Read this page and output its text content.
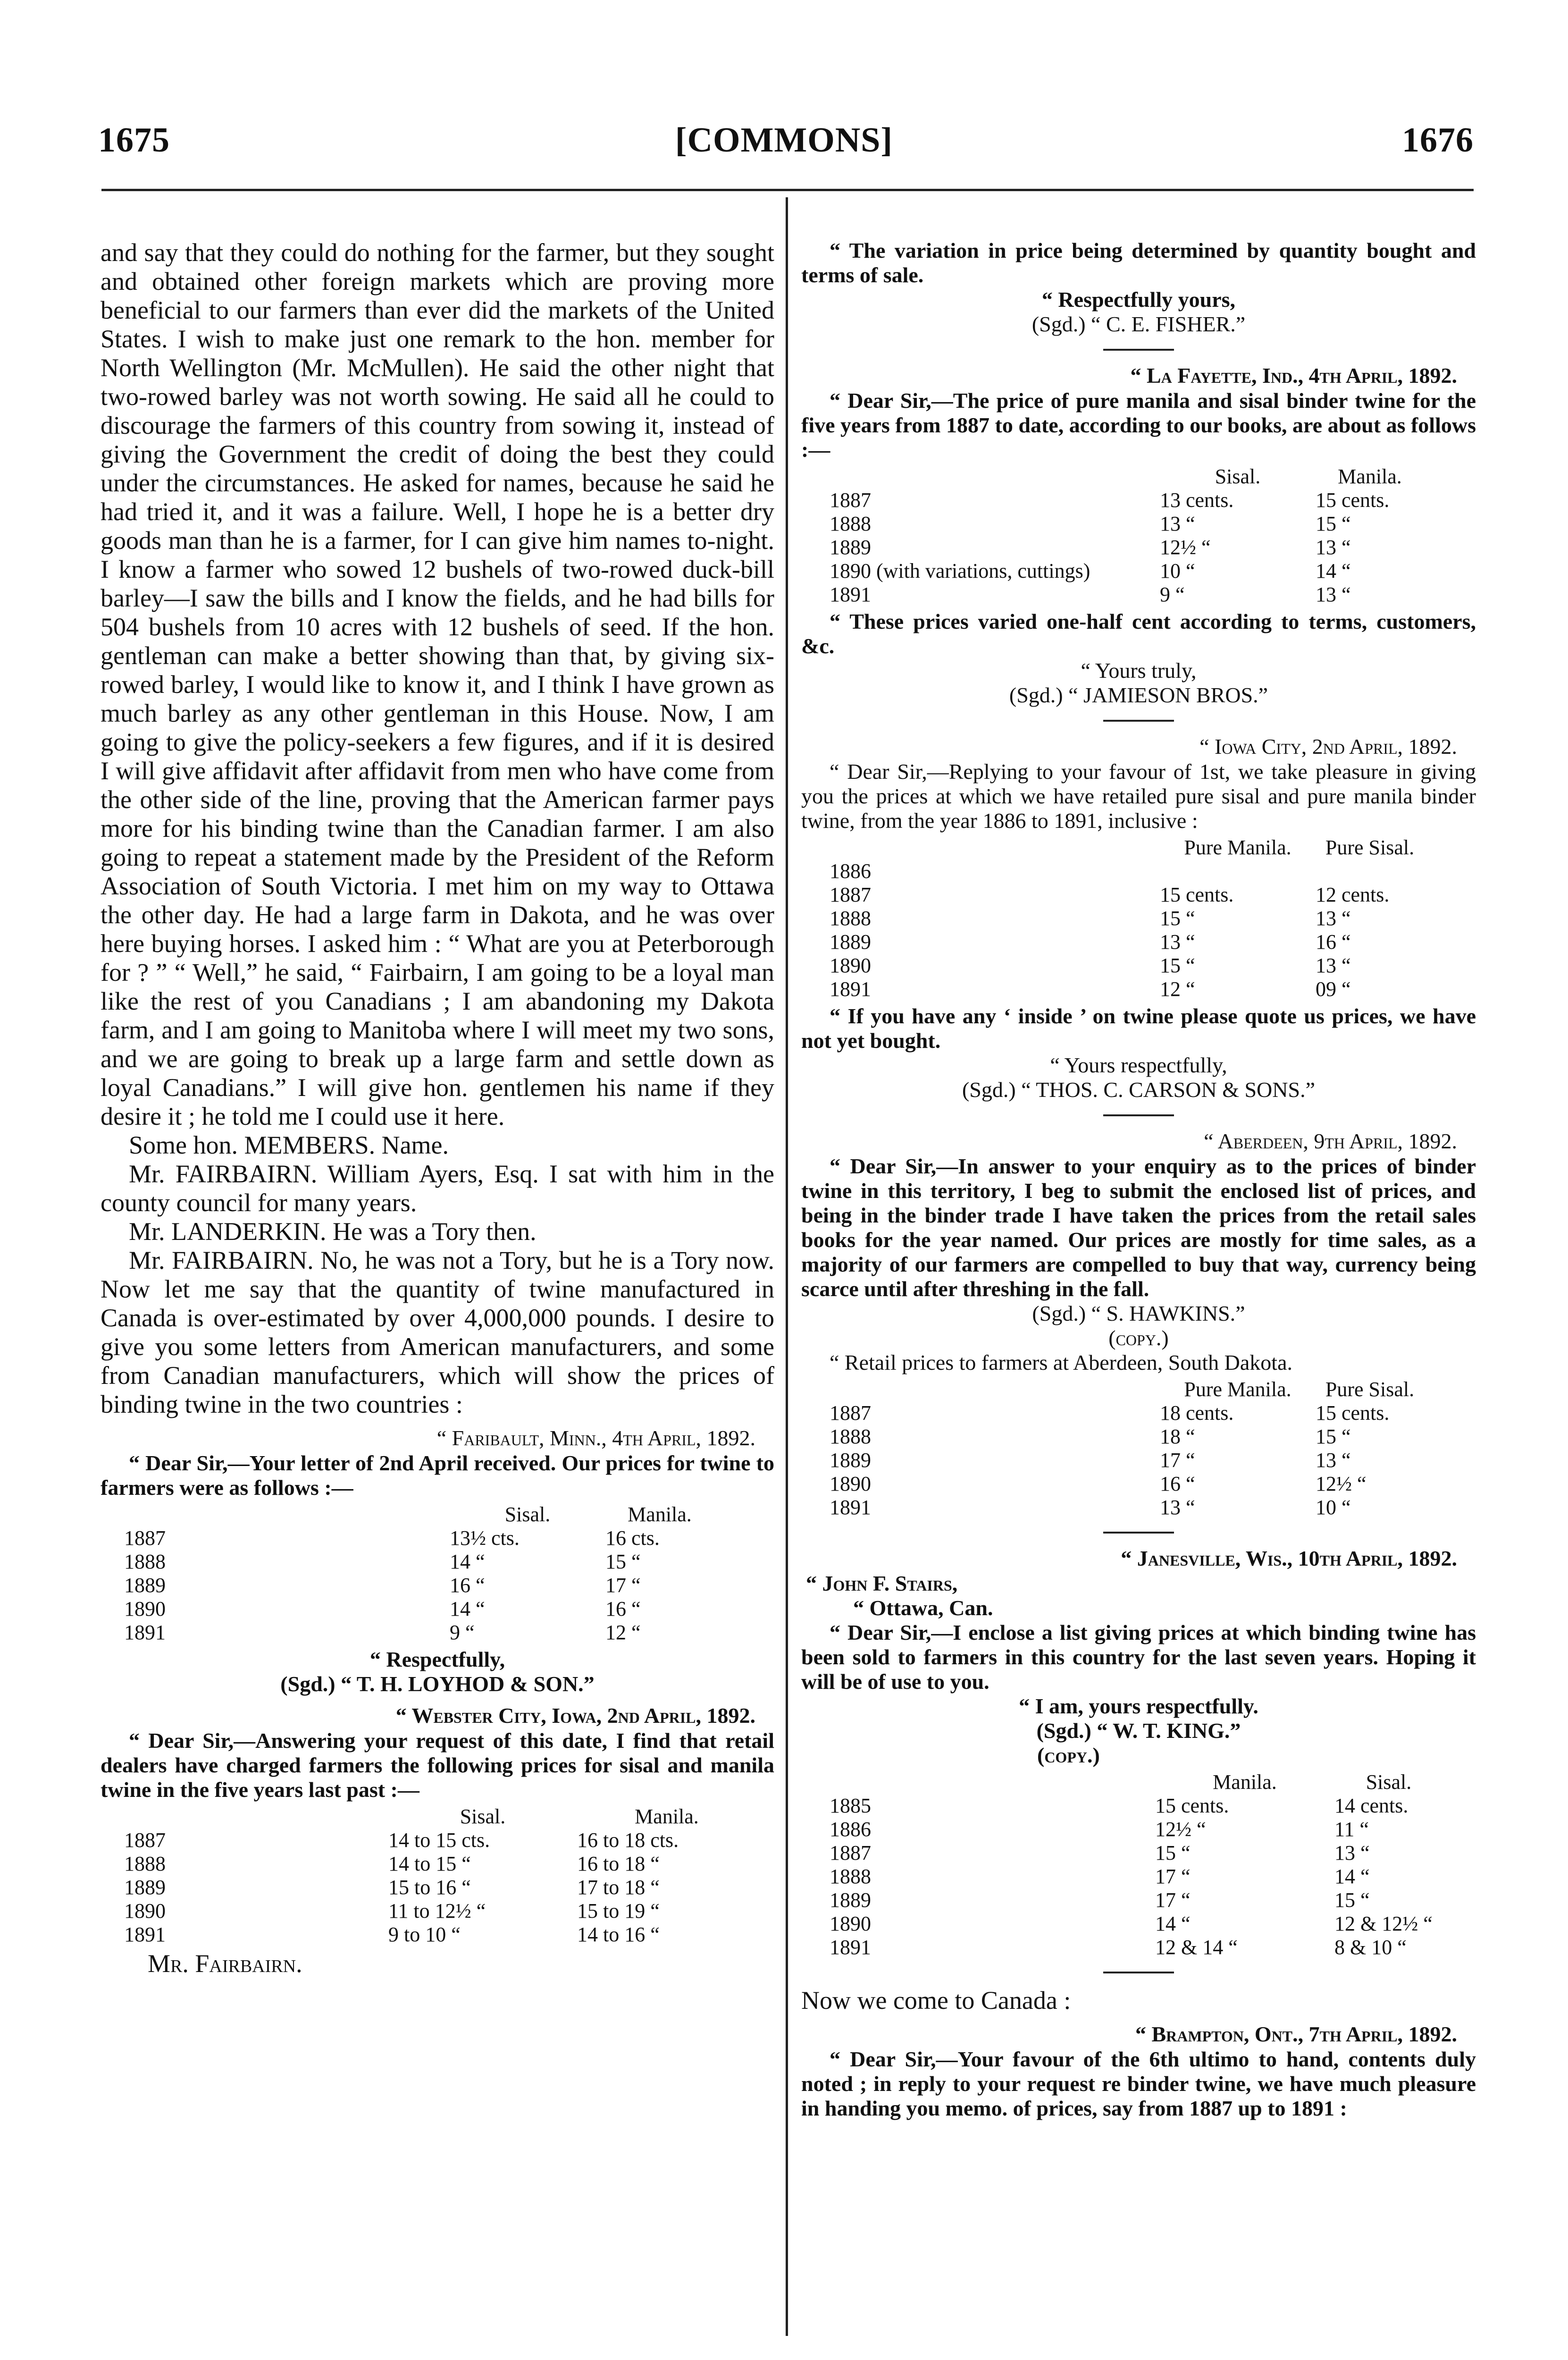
1675	[COMMONS]	1676

and say that they could do nothing for the farmer, but they sought and obtained other foreign markets which are proving more beneficial to our farmers than ever did the markets of the United States. I wish to make just one remark to the hon. member for North Wellington (Mr. McMullen). He said the other night that two-rowed barley was not worth sowing. He said all he could to discourage the farmers of this country from sowing it, instead of giving the Government the credit of doing the best they could under the circumstances. He asked for names, because he said he had tried it, and it was a failure. Well, I hope he is a better dry goods man than he is a farmer, for I can give him names to-night. I know a farmer who sowed 12 bushels of two-rowed duck-bill barley—I saw the bills and I know the fields, and he had bills for 504 bushels from 10 acres with 12 bushels of seed. If the hon. gentleman can make a better showing than that, by giving six-rowed barley, I would like to know it, and I think I have grown as much barley as any other gentleman in this House. Now, I am going to give the policy-seekers a few figures, and if it is desired I will give affidavit after affidavit from men who have come from the other side of the line, proving that the American farmer pays more for his binding twine than the Canadian farmer. I am also going to repeat a statement made by the President of the Reform Association of South Victoria. I met him on my way to Ottawa the other day. He had a large farm in Dakota, and he was over here buying horses. I asked him : “ What are you at Peterborough for ? ” “ Well,” he said, “ Fairbairn, I am going to be a loyal man like the rest of you Canadians ; I am abandoning my Dakota farm, and I am going to Manitoba where I will meet my two sons, and we are going to break up a large farm and settle down as loyal Canadians.” I will give hon. gentlemen his name if they desire it ; he told me I could use it here.

Some hon. MEMBERS. Name.

Mr. FAIRBAIRN. William Ayers, Esq. I sat with him in the county council for many years.

Mr. LANDERKIN. He was a Tory then.

Mr. FAIRBAIRN. No, he was not a Tory, but he is a Tory now. Now let me say that the quantity of twine manufactured in Canada is over-estimated by over 4,000,000 pounds. I desire to give you some letters from American manufacturers, and some from Canadian manufacturers, which will show the prices of binding twine in the two countries :

“ Faribault, Minn., 4th April, 1892.

“ Dear Sir,—Your letter of 2nd April received. Our prices for twine to farmers were as follows :—

	Sisal.	Manila.
1887	13½ cts.	16 cts.
1888	14 “	15 “
1889	16 “	17 “
1890	14 “	16 “
1891	9 “	12 “
“ Respectfully,
(Sgd.) “ T. H. LOYHOD & SON.”
“ Webster City, Iowa, 2nd April, 1892.

“ Dear Sir,—Answering your request of this date, I find that retail dealers have charged farmers the following prices for sisal and manila twine in the five years last past :—

	Sisal.	Manila.
1887	14 to 15 cts.	16 to 18 cts.
1888	14 to 15 “	16 to 18 “
1889	15 to 16 “	17 to 18 “
1890	11 to 12½ “	15 to 19 “
1891	9 to 10 “	14 to 16 “
Mr. Fairbairn.

“ The variation in price being determined by quantity bought and terms of sale.

“ Respectfully yours,
(Sgd.) “ C. E. FISHER.”
“ La Fayette, Ind., 4th April, 1892.

“ Dear Sir,—The price of pure manila and sisal binder twine for the five years from 1887 to date, according to our books, are about as follows :—

	Sisal.	Manila.
1887	13 cents.	15 cents.
1888	13 “	15 “
1889	12½ “	13 “
1890 (with variations, cuttings)	10 “	14 “
1891	9 “	13 “

“ These prices varied one-half cent according to terms, customers, &c.

“ Yours truly,
(Sgd.) “ JAMIESON BROS.”
“ Iowa City, 2nd April, 1892.

“ Dear Sir,—Replying to your favour of 1st, we take pleasure in giving you the prices at which we have retailed pure sisal and pure manila binder twine, from the year 1886 to 1891, inclusive :

	Pure Manila.	Pure Sisal.
1886		
1887	15 cents.	12 cents.
1888	15 “	13 “
1889	13 “	16 “
1890	15 “	13 “
1891	12 “	09 “

“ If you have any ‘ inside ’ on twine please quote us prices, we have not yet bought.

“ Yours respectfully,
(Sgd.) “ THOS. C. CARSON & SONS.”
“ Aberdeen, 9th April, 1892.

“ Dear Sir,—In answer to your enquiry as to the prices of binder twine in this territory, I beg to submit the enclosed list of prices, and being in the binder trade I have taken the prices from the retail sales books for the year named. Our prices are mostly for time sales, as a majority of our farmers are compelled to buy that way, currency being scarce until after threshing in the fall.

(Sgd.) “ S. HAWKINS.”
(copy.)

“ Retail prices to farmers at Aberdeen, South Dakota.

	Pure Manila.	Pure Sisal.
1887	18 cents.	15 cents.
1888	18 “	15 “
1889	17 “	13 “
1890	16 “	12½ “
1891	13 “	10 “
“ Janesville, Wis., 10th April, 1892.
“ John F. Stairs,
“ Ottawa, Can.

“ Dear Sir,—I enclose a list giving prices at which binding twine has been sold to farmers in this country for the last seven years. Hoping it will be of use to you.

“ I am, yours respectfully.
(Sgd.) “ W. T. KING.”
(copy.)
	Manila.	Sisal.
1885	15 cents.	14 cents.
1886	12½ “	11 “
1887	15 “	13 “
1888	17 “	14 “
1889	17 “	15 “
1890	14 “	12 & 12½ “
1891	12 & 14 “	8 & 10 “
Now we come to Canada :
“ Brampton, Ont., 7th April, 1892.

“ Dear Sir,—Your favour of the 6th ultimo to hand, contents duly noted ; in reply to your request re binder twine, we have much pleasure in handing you memo. of prices, say from 1887 up to 1891 :
